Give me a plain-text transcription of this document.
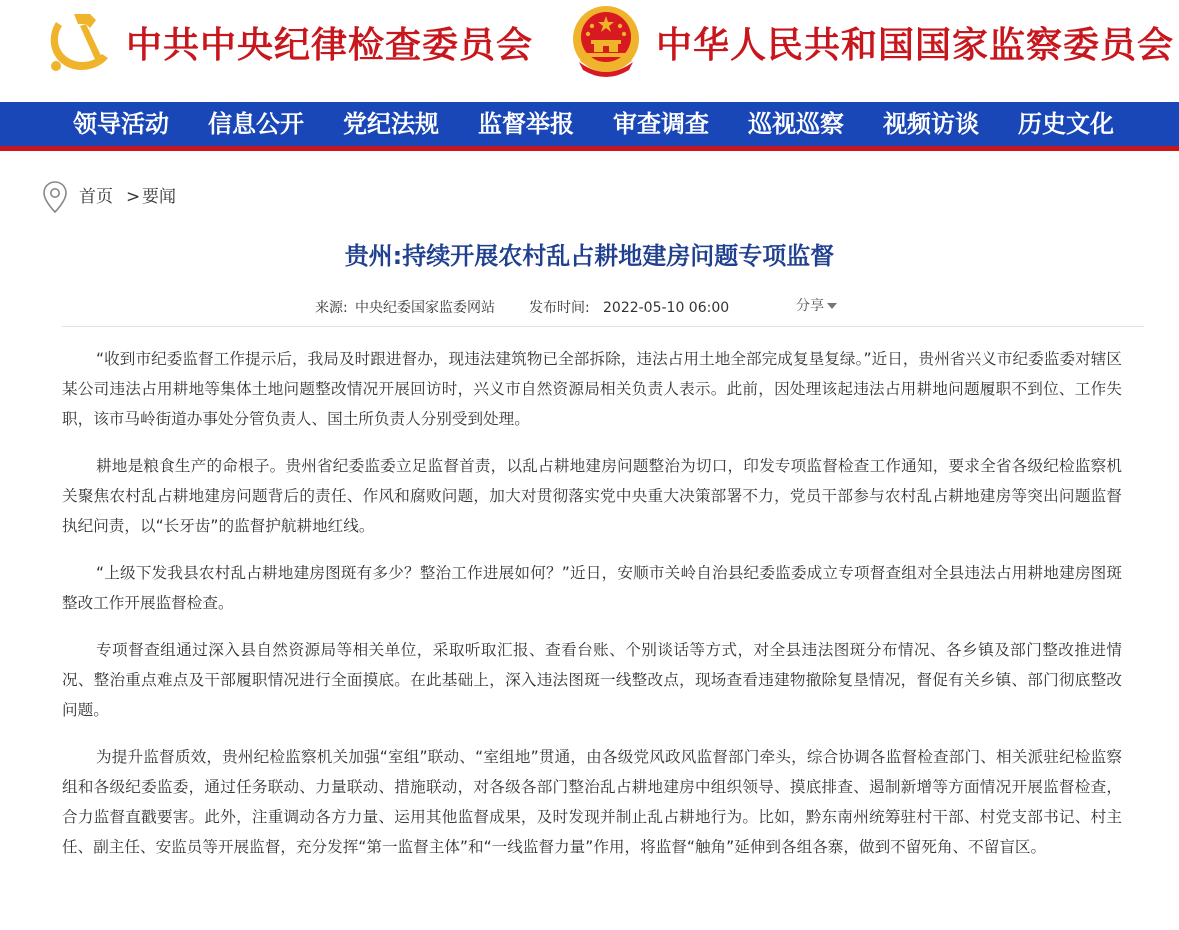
中共中央纪律检查委员会	中华人民共和国国家监察委员会
领导活动 信息公开 党纪法规 监督举报 审查调查 巡视巡察 视频访谈 历史文化
首页 > 要闻
贵州:持续开展农村乱占耕地建房问题专项监督
来源: 中央纪委国家监委网站 发布时间: 2022-05-10 06:00	分享

“收到市纪委监督工作提示后，我局及时跟进督办，现违法建筑物已全部拆除，违法占用土地全部完成复垦复绿。”近日，贵州省兴义市纪委监委对辖区某公司违法占用耕地等集体土地问题整改情况开展回访时，兴义市自然资源局相关负责人表示。此前，因处理该起违法占用耕地问题履职不到位、工作失职，该市马岭街道办事处分管负责人、国土所负责人分别受到处理。

耕地是粮食生产的命根子。贵州省纪委监委立足监督首责，以乱占耕地建房问题整治为切口，印发专项监督检查工作通知，要求全省各级纪检监察机关聚焦农村乱占耕地建房问题背后的责任、作风和腐败问题，加大对贯彻落实党中央重大决策部署不力，党员干部参与农村乱占耕地建房等突出问题监督执纪问责，以“长牙齿”的监督护航耕地红线。

“上级下发我县农村乱占耕地建房图斑有多少？整治工作进展如何？”近日，安顺市关岭自治县纪委监委成立专项督查组对全县违法占用耕地建房图斑整改工作开展监督检查。

专项督查组通过深入县自然资源局等相关单位，采取听取汇报、查看台账、个别谈话等方式，对全县违法图斑分布情况、各乡镇及部门整改推进情况、整治重点难点及干部履职情况进行全面摸底。在此基础上，深入违法图斑一线整改点，现场查看违建物撤除复垦情况，督促有关乡镇、部门彻底整改问题。

为提升监督质效，贵州纪检监察机关加强“室组”联动、“室组地”贯通，由各级党风政风监督部门牵头，综合协调各监督检查部门、相关派驻纪检监察组和各级纪委监委，通过任务联动、力量联动、措施联动，对各级各部门整治乱占耕地建房中组织领导、摸底排查、遏制新增等方面情况开展监督检查，合力监督直戳要害。此外，注重调动各方力量、运用其他监督成果，及时发现并制止乱占耕地行为。比如，黔东南州统筹驻村干部、村党支部书记、村主任、副主任、安监员等开展监督，充分发挥“第一监督主体”和“一线监督力量”作用，将监督“触角”延伸到各组各寨，做到不留死角、不留盲区。
